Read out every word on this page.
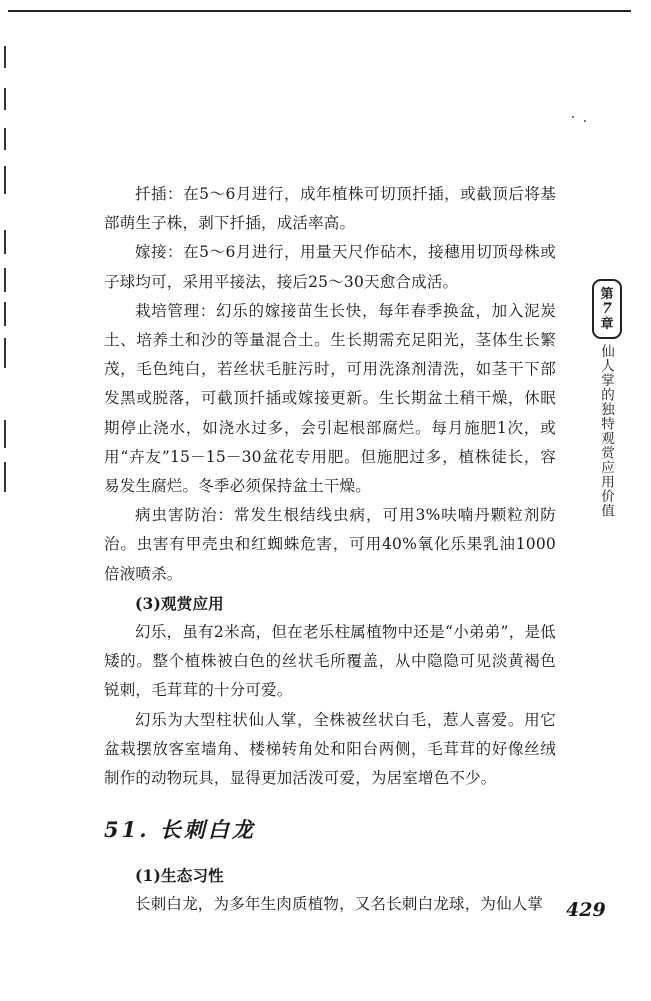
扦插：在5～6月进行，成年植株可切顶扦插，或截顶后将基部萌生子株，剥下扦插，成活率高。

嫁接：在5～6月进行，用量天尺作砧木，接穗用切顶母株或子球均可，采用平接法，接后25～30天愈合成活。

栽培管理：幻乐的嫁接苗生长快，每年春季换盆，加入泥炭土、培养土和沙的等量混合土。生长期需充足阳光，茎体生长繁茂，毛色纯白，若丝状毛脏污时，可用洗涤剂清洗，如茎干下部发黑或脱落，可截顶扦插或嫁接更新。生长期盆土稍干燥，休眠期停止浇水，如浇水过多，会引起根部腐烂。每月施肥1次，或用“卉友”15－15－30盆花专用肥。但施肥过多，植株徒长，容易发生腐烂。冬季必须保持盆土干燥。

病虫害防治：常发生根结线虫病，可用3%呋喃丹颗粒剂防治。虫害有甲壳虫和红蜘蛛危害，可用40%氧化乐果乳油1000倍液喷杀。

(3)观赏应用

幻乐，虽有2米高，但在老乐柱属植物中还是“小弟弟”，是低矮的。整个植株被白色的丝状毛所覆盖，从中隐隐可见淡黄褐色锐刺，毛茸茸的十分可爱。

幻乐为大型柱状仙人掌，全株被丝状白毛，惹人喜爱。用它盆栽摆放客室墙角、楼梯转角处和阳台两侧，毛茸茸的好像丝绒制作的动物玩具，显得更加活泼可爱，为居室增色不少。

51. 长刺白龙
(1)生态习性

长刺白龙，为多年生肉质植物，又名长刺白龙球，为仙人掌

第
7
章
仙人掌的独特观赏应用价值
429
